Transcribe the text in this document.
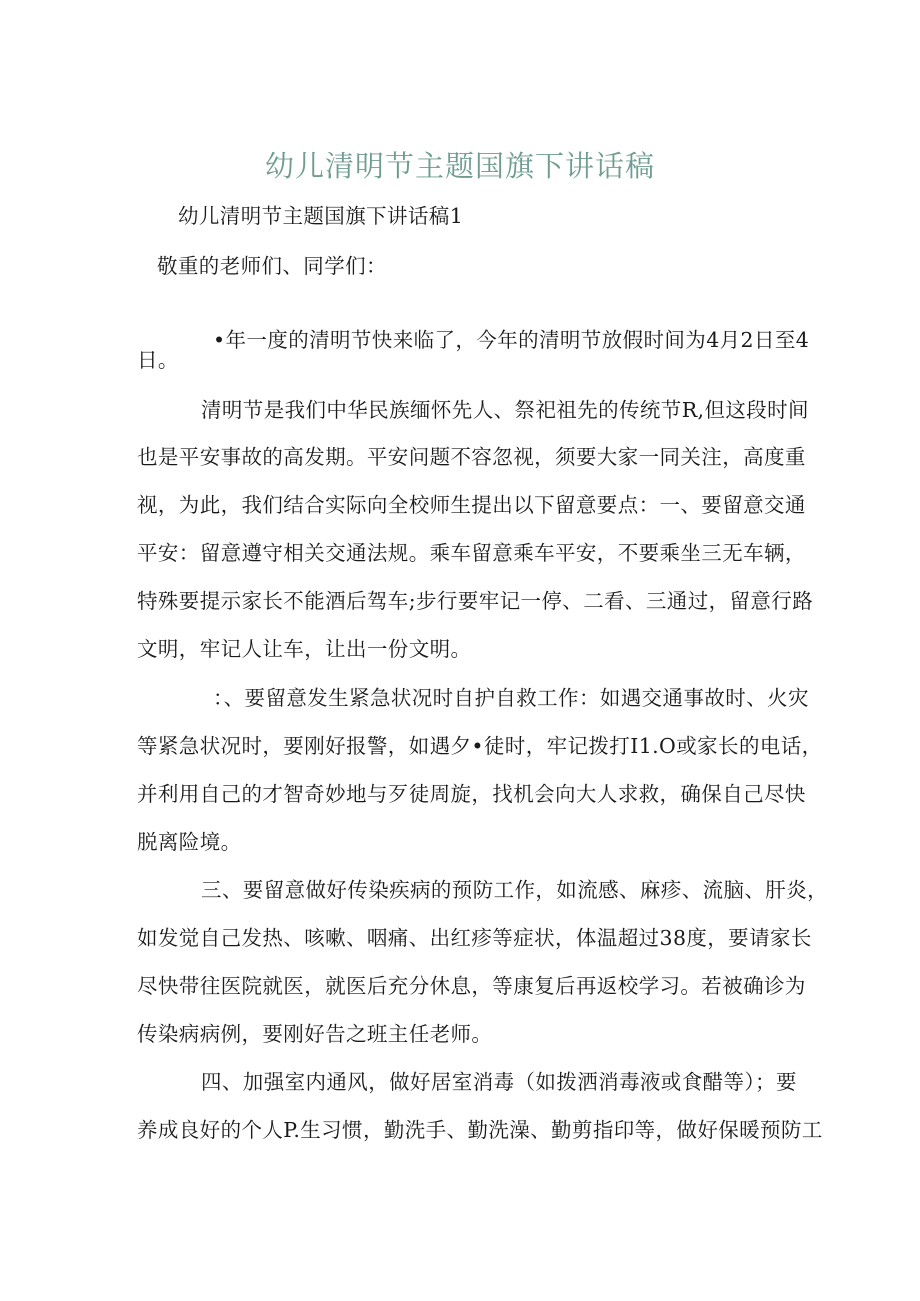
幼儿清明节主题国旗下讲话稿

幼儿清明节主题国旗下讲话稿1

敬重的老师们、同学们：

•年一度的清明节快来临了，今年的清明节放假时间为4月2日至4

日。

清明节是我们中华民族缅怀先人、祭祀祖先的传统节R,但这段时间

也是平安事故的高发期。平安问题不容忽视，须要大家一同关注，高度重

视，为此，我们结合实际向全校师生提出以下留意要点：一、要留意交通

平安：留意遵守相关交通法规。乘车留意乘车平安，不要乘坐三无车辆，

特殊要提示家长不能酒后驾车;步行要牢记一停、二看、三通过，留意行路

文明，牢记人让车，让出一份文明。

：、要留意发生紧急状况时自护自救工作：如遇交通事故时、火灾

等紧急状况时，要刚好报警，如遇夕•徒时，牢记拨打I1.O或家长的电话，

并利用自己的才智奇妙地与歹徒周旋，找机会向大人求救，确保自己尽快

脱离险境。

三、要留意做好传染疾病的预防工作，如流感、麻疹、流脑、肝炎，

如发觉自己发热、咳嗽、咽痛、出红疹等症状，体温超过38度，要请家长

尽快带往医院就医，就医后充分休息，等康复后再返校学习。若被确诊为

传染病病例，要刚好告之班主任老师。

四、加强室内通风，做好居室消毒（如拨洒消毒液或食醋等）；要

养成良好的个人P.生习惯，勤洗手、勤洗澡、勤剪指印等，做好保暖预防工
